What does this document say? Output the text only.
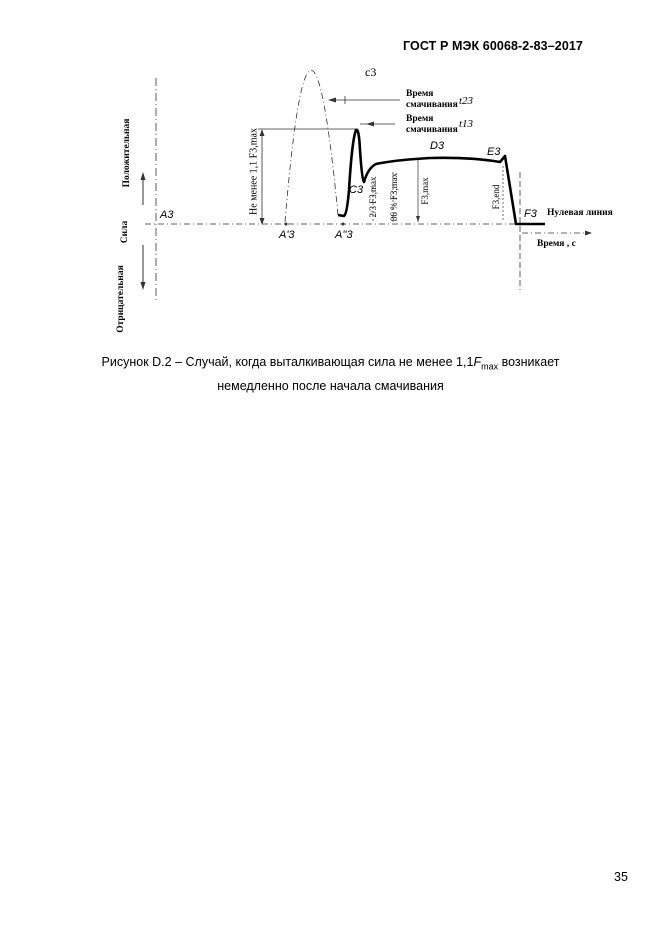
ГОСТ Р МЭК 60068-2-83–2017
c3
Время
смачивания t23
Время
смачивания t13
Положительная
Сила
Отрицательная
Не менее 1,1 F3,max
A3
A'3	A''3
C3
D3	E3
F3
2/3 F3,max 86 % F3,max F3,max	F3,end
Нулевая линия
Время , с
Рисунок D.2 – Случай, когда выталкивающая сила не менее $1,1F_{max}$ возникает
немедленно после начала смачивания
35
